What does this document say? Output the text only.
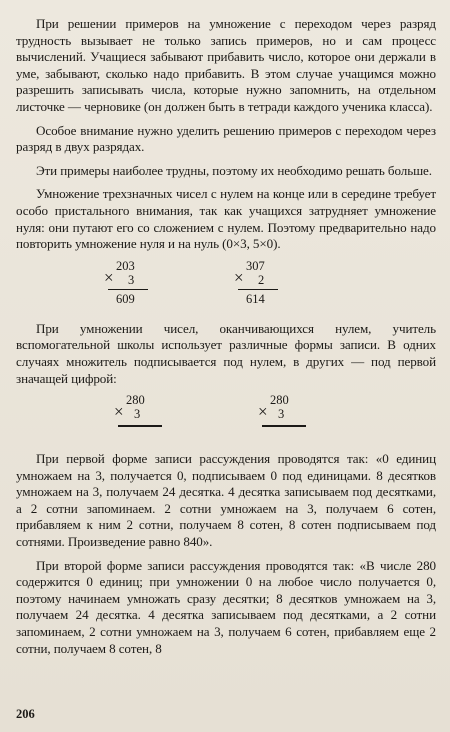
При решении примеров на умножение с переходом через разряд трудность вызывает не только запись примеров, но и сам процесс вычислений. Учащиеся забывают прибавить число, которое они держали в уме, забывают, сколько надо прибавить. В этом случае учащимся можно разрешить записывать числа, которые нужно запомнить, на отдельном листочке — черновике (он должен быть в тетради каждого ученика класса).

Особое внимание нужно уделить решению примеров с переходом через разряд в двух разрядах.

Эти примеры наиболее трудны, поэтому их необходимо решать больше.

Умножение трехзначных чисел с нулем на конце или в середине требует особо пристального внимания, так как учащихся затрудняет умножение нуля: они путают его со сложением с нулем. Поэтому предварительно надо повторить умножение нуля и на нуль (0×3, 5×0).

×
203
3
609
×
307
2
614

При умножении чисел, оканчивающихся нулем, учитель вспомогательной школы использует различные формы записи. В одних случаях множитель подписывается под нулем, в других — под первой значащей цифрой:

×
280
3	×
280
3

При первой форме записи рассуждения проводятся так: «0 единиц умножаем на 3, получается 0, подписываем 0 под единицами. 8 десятков умножаем на 3, получаем 24 десятка. 4 десятка записываем под десятками, а 2 сотни запоминаем. 2 сотни умножаем на 3, получаем 6 сотен, прибавляем к ним 2 сотни, получаем 8 сотен, 8 сотен подписываем под сотнями. Произведение равно 840».

При второй форме записи рассуждения проводятся так: «В числе 280 содержится 0 единиц; при умножении 0 на любое число получается 0, поэтому начинаем умножать сразу десятки; 8 десятков умножаем на 3, получаем 24 десятка. 4 десятка записываем под десятками, а 2 сотни запоминаем, 2 сотни умножаем на 3, получаем 6 сотен, прибавляем еще 2 сотни, получаем 8 сотен, 8

206
